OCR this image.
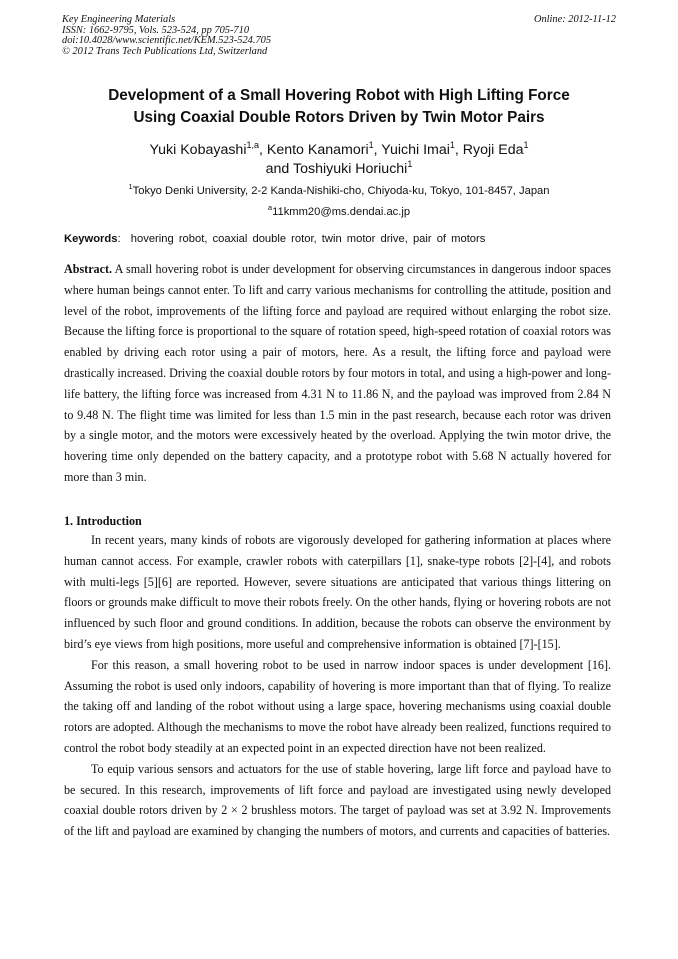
Key Engineering Materials	Online: 2012-11-12
ISSN: 1662-9795, Vols. 523-524, pp 705-710
doi:10.4028/www.scientific.net/KEM.523-524.705
© 2012 Trans Tech Publications Ltd, Switzerland
Development of a Small Hovering Robot with High Lifting Force
Using Coaxial Double Rotors Driven by Twin Motor Pairs
Yuki Kobayashi$^{1,a}$, Kento Kanamori$^1$, Yuichi Imai$^1$, Ryoji Eda$^1$
and Toshiyuki Horiuchi$^1$
$^1$Tokyo Denki University, 2-2 Kanda-Nishiki-cho, Chiyoda-ku, Tokyo, 101-8457, Japan
$^a$11kmm20@ms.dendai.ac.jp
Keywords:  hovering robot, coaxial double rotor, twin motor drive, pair of motors

Abstract. A small hovering robot is under development for observing circumstances in dangerous indoor spaces where human beings cannot enter. To lift and carry various mechanisms for controlling the attitude, position and level of the robot, improvements of the lifting force and payload are required without enlarging the robot size. Because the lifting force is proportional to the square of rotation speed, high-speed rotation of coaxial rotors was enabled by driving each rotor using a pair of motors, here. As a result, the lifting force and payload were drastically increased. Driving the coaxial double rotors by four motors in total, and using a high-power and long-life battery, the lifting force was increased from 4.31 N to 11.86 N, and the payload was improved from 2.84 N to 9.48 N. The flight time was limited for less than 1.5 min in the past research, because each rotor was driven by a single motor, and the motors were excessively heated by the overload. Applying the twin motor drive, the hovering time only depended on the battery capacity, and a prototype robot with 5.68 N actually hovered for more than 3 min.

1. Introduction

In recent years, many kinds of robots are vigorously developed for gathering information at places where human cannot access. For example, crawler robots with caterpillars [1], snake-type robots [2]-[4], and robots with multi-legs [5][6] are reported. However, severe situations are anticipated that various things littering on floors or grounds make difficult to move their robots freely. On the other hands, flying or hovering robots are not influenced by such floor and ground conditions. In addition, because the robots can observe the environment by bird’s eye views from high positions, more useful and comprehensive information is obtained [7]-[15].

For this reason, a small hovering robot to be used in narrow indoor spaces is under development [16]. Assuming the robot is used only indoors, capability of hovering is more important than that of flying. To realize the taking off and landing of the robot without using a large space, hovering mechanisms using coaxial double rotors are adopted. Although the mechanisms to move the robot have already been realized, functions required to control the robot body steadily at an expected point in an expected direction have not been realized.

To equip various sensors and actuators for the use of stable hovering, large lift force and payload have to be secured. In this research, improvements of lift force and payload are investigated using newly developed coaxial double rotors driven by 2 × 2 brushless motors. The target of payload was set at 3.92 N. Improvements of the lift and payload are examined by changing the numbers of motors, and currents and capacities of batteries.
